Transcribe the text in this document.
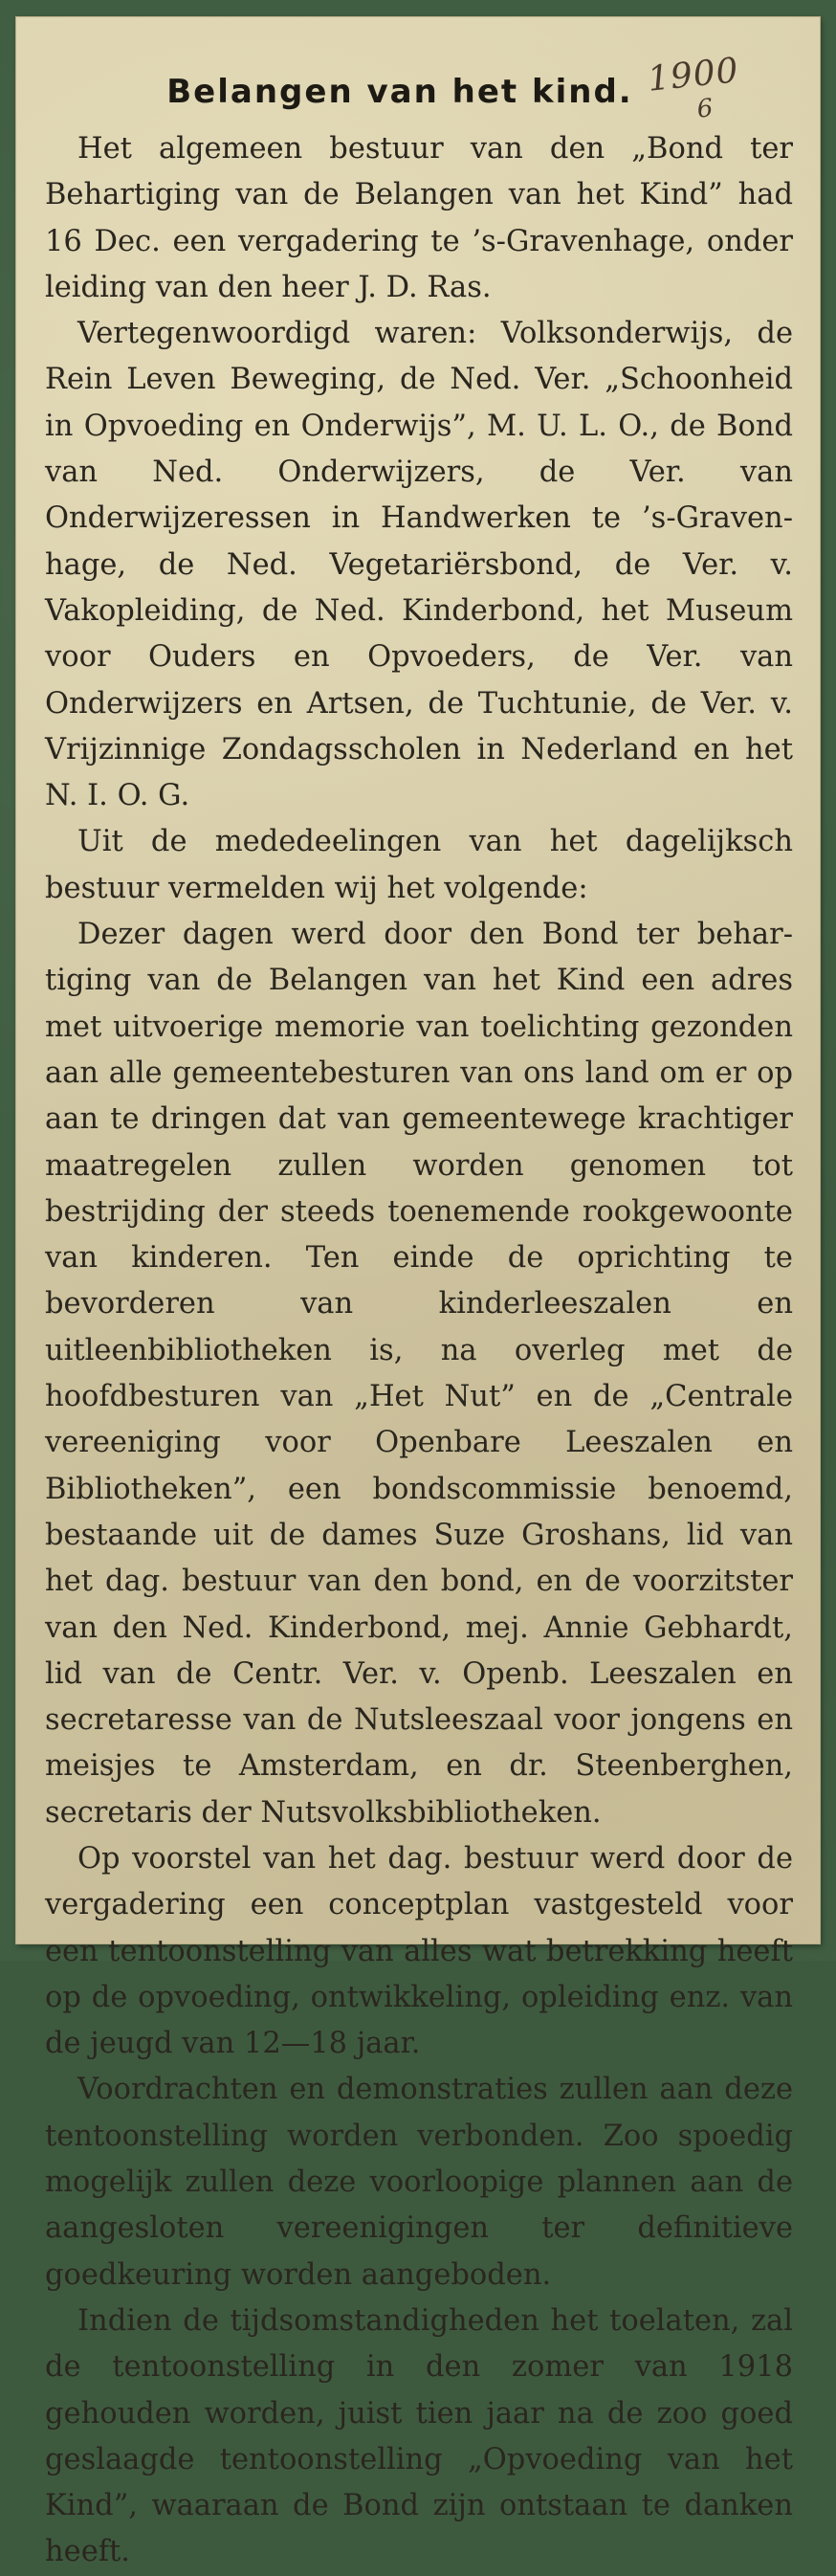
Belangen van het kind. 1900
6

Het algemeen bestuur van den „Bond ter Behartiging van de Belangen van het Kind” had 16 Dec. een vergadering te ’s-Gravenhage, onder leiding van den heer J. D. Ras.

Vertegenwoordigd waren: Volksonderwijs, de Rein Leven Beweging, de Ned. Ver. „Schoonheid in Opvoeding en Onderwijs”, M. U. L. O., de Bond van Ned. Onderwijzers, de Ver. van Onderwijzeressen in Handwerken te ’s-Gravenhage, de Ned. Vegetariërsbond, de Ver. v. Vakopleiding, de Ned. Kinderbond, het Museum voor Ouders en Opvoeders, de Ver. van Onderwijzers en Artsen, de Tuchtunie, de Ver. v. Vrijzinnige Zondagsscholen in Nederland en het N. I. O. G.

Uit de mededeelingen van het dagelijksch bestuur vermelden wij het volgende:

Dezer dagen werd door den Bond ter behartiging van de Belangen van het Kind een adres met uitvoerige memorie van toelichting gezonden aan alle gemeentebesturen van ons land om er op aan te dringen dat van gemeentewege krachtiger maatregelen zullen worden genomen tot bestrijding der steeds toenemende rookgewoonte van kinderen. Ten einde de oprichting te bevorderen van kinderleeszalen en uitleenbibliotheken is, na overleg met de hoofdbesturen van „Het Nut” en de „Centrale vereeniging voor Openbare Leeszalen en Bibliotheken”, een bondscommissie benoemd, bestaande uit de dames Suze Groshans, lid van het dag. bestuur van den bond, en de voorzitster van den Ned. Kinderbond, mej. Annie Gebhardt, lid van de Centr. Ver. v. Openb. Leeszalen en secretaresse van de Nutsleeszaal voor jongens en meisjes te Amsterdam, en dr. Steenberghen, secretaris der Nutsvolksbibliotheken.

Op voorstel van het dag. bestuur werd door de vergadering een conceptplan vastgesteld voor een tentoonstelling van alles wat betrekking heeft op de opvoeding, ontwikkeling, opleiding enz. van de jeugd van 12—18 jaar.

Voordrachten en demonstraties zullen aan deze tentoonstelling worden verbonden. Zoo spoedig mogelijk zullen deze voorloopige plannen aan de aangesloten vereenigingen ter definitieve goedkeuring worden aangeboden.

Indien de tijdsomstandigheden het toelaten, zal de tentoonstelling in den zomer van 1918 gehouden worden, juist tien jaar na de zoo goed geslaagde tentoonstelling „Opvoeding van het Kind”, waaraan de Bond zijn ontstaan te danken heeft.
